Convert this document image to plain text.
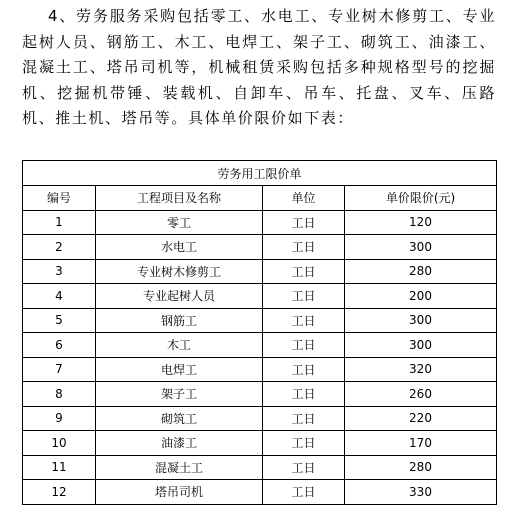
4、劳务服务采购包括零工、水电工、专业树木修剪工、专业起树人员、钢筋工、木工、电焊工、架子工、砌筑工、油漆工、混凝土工、塔吊司机等，机械租赁采购包括多种规格型号的挖掘机、挖掘机带锤、装载机、自卸车、吊车、托盘、叉车、压路机、推土机、塔吊等。具体单价限价如下表：

劳务用工限价单			
编号	工程项目及名称	单位	单价限价(元)
1	零工	工日	120
2	水电工	工日	300
3	专业树木修剪工	工日	280
4	专业起树人员	工日	200
5	钢筋工	工日	300
6	木工	工日	300
7	电焊工	工日	320
8	架子工	工日	260
9	砌筑工	工日	220
10	油漆工	工日	170
11	混凝土工	工日	280
12	塔吊司机	工日	330
